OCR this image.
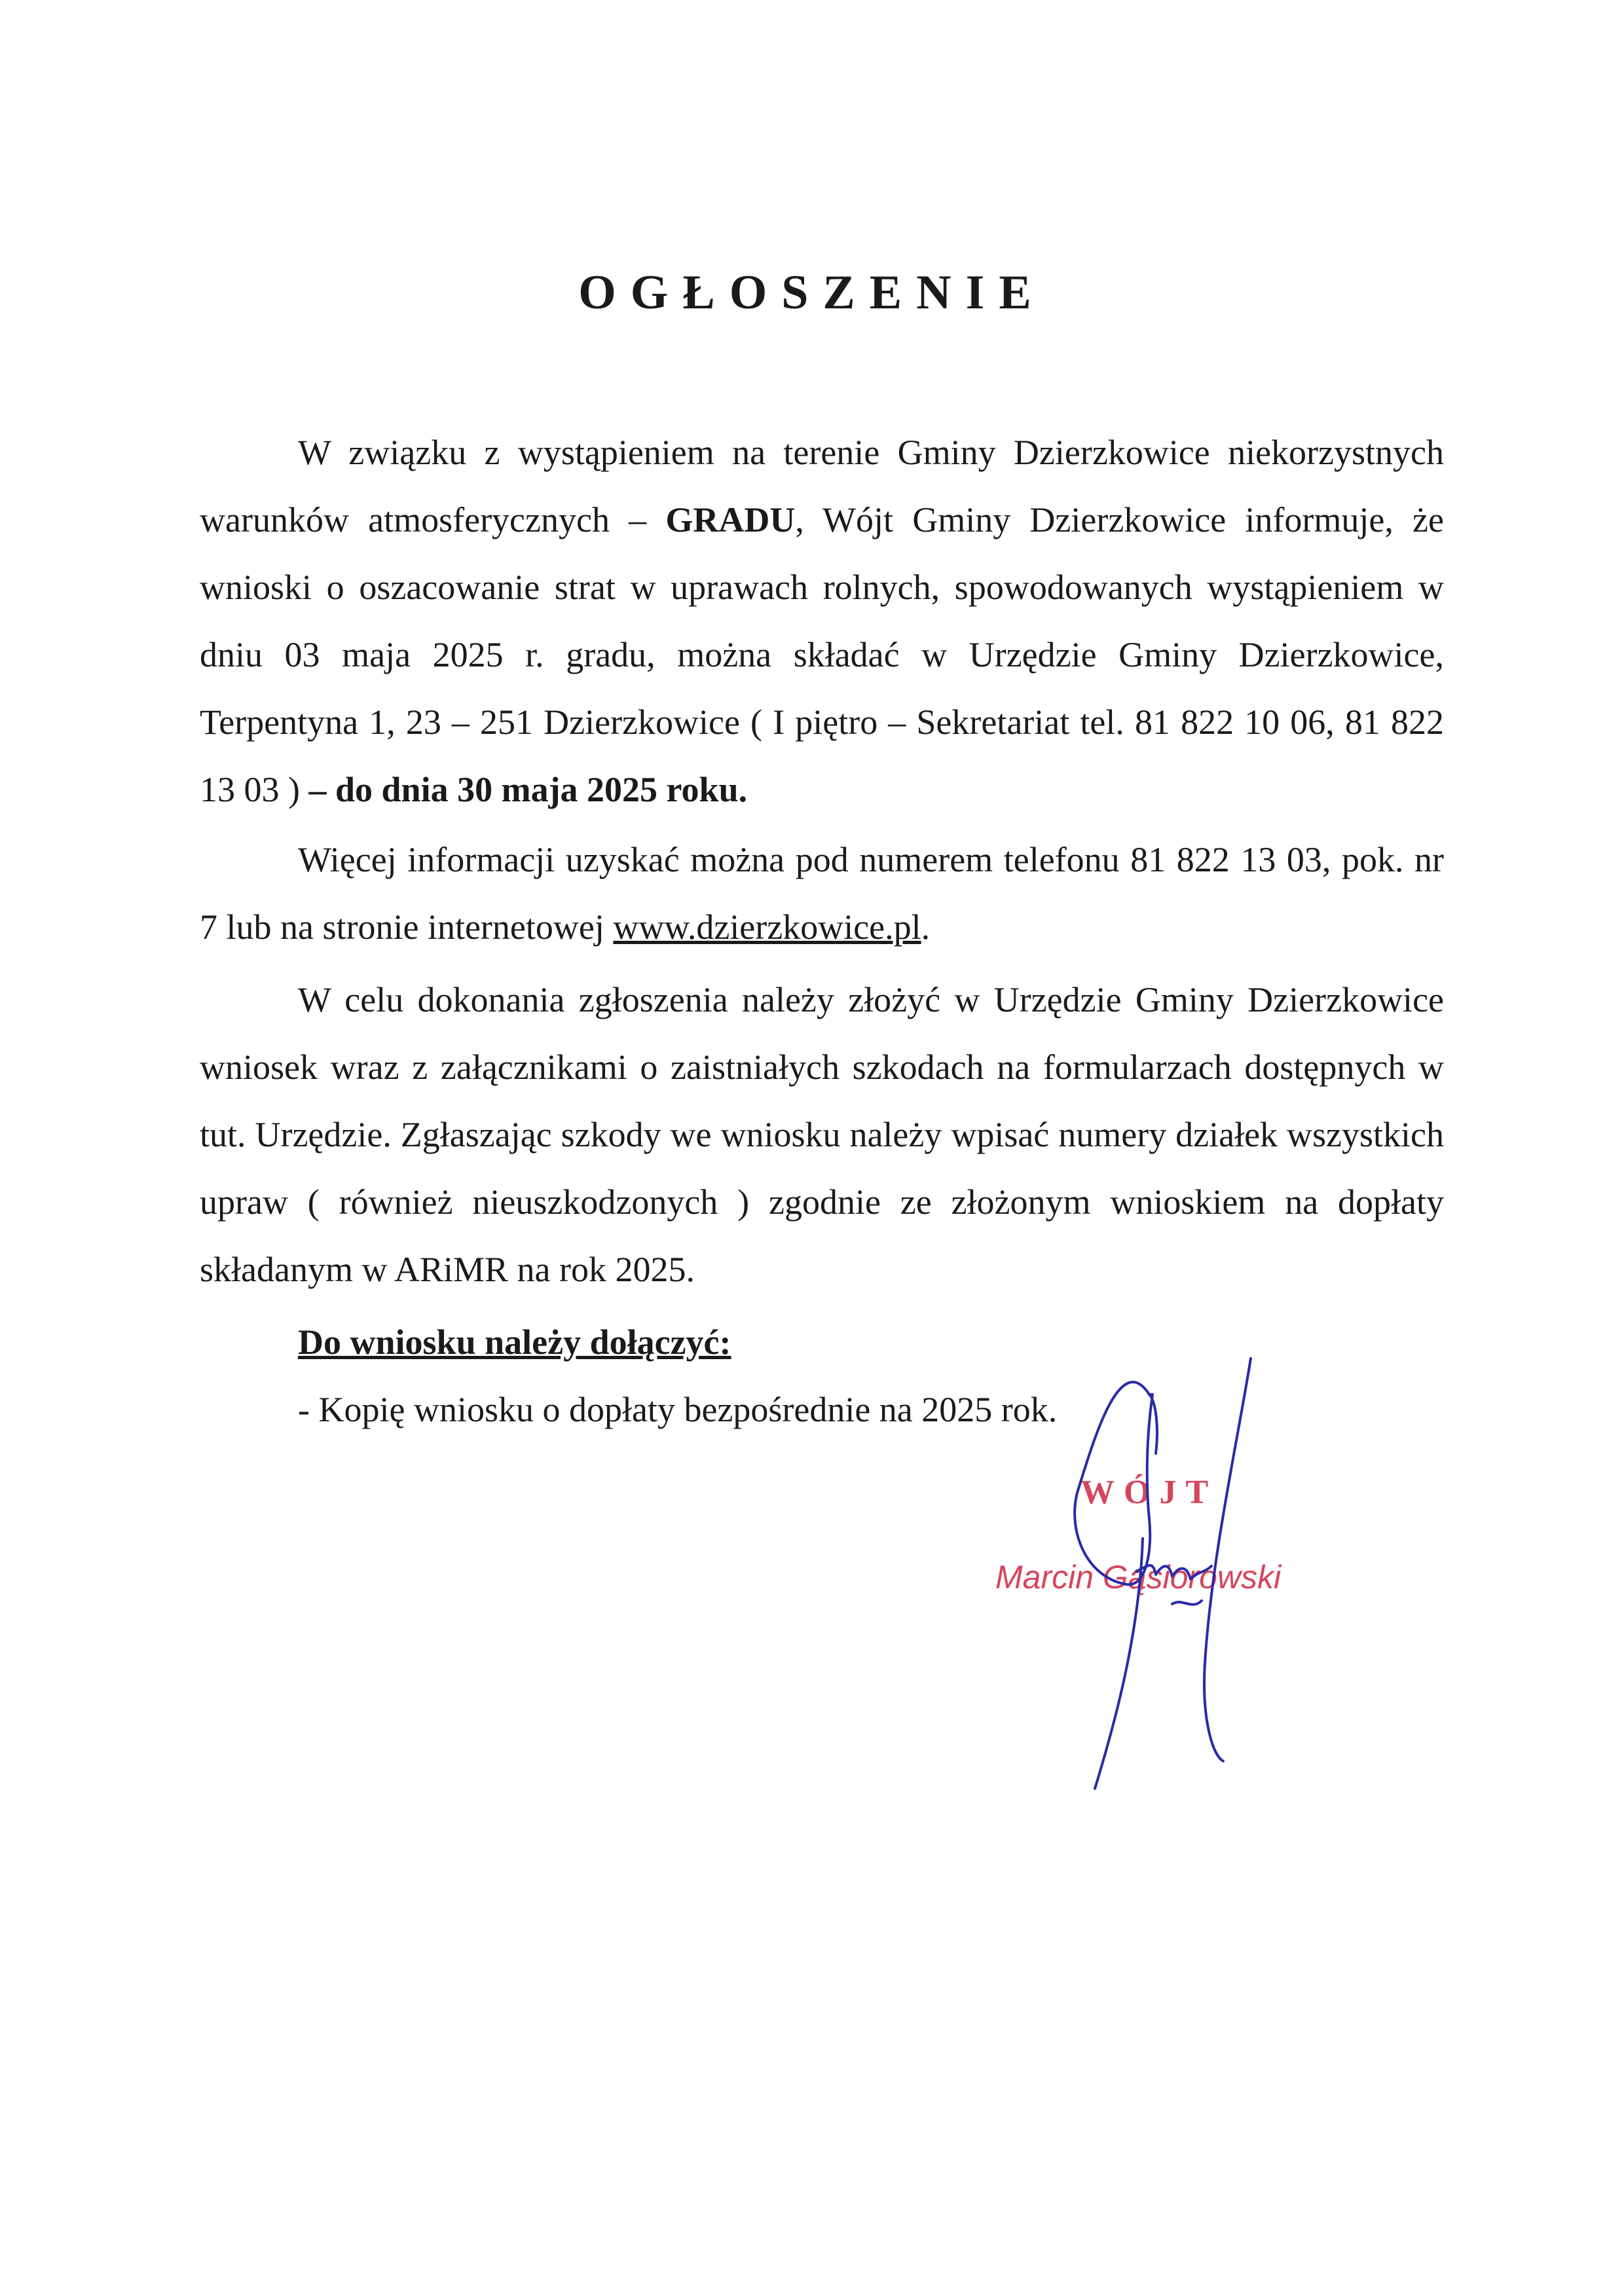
OGŁOSZENIE

W związku z wystąpieniem na terenie Gminy Dzierzkowice niekorzystnych warunków atmosferycznych – GRADU, Wójt Gminy Dzierzkowice informuje, że wnioski o oszacowanie strat w uprawach rolnych, spowodowanych wystąpieniem w dniu 03 maja 2025 r. gradu, można składać w Urzędzie Gminy Dzierzkowice, Terpentyna 1, 23 – 251 Dzierzkowice ( I piętro – Sekretariat tel. 81 822 10 06, 81 822 13 03 ) – do dnia 30 maja 2025 roku.

Więcej informacji uzyskać można pod numerem telefonu 81 822 13 03, pok. nr 7 lub na stronie internetowej www.dzierzkowice.pl.

W celu dokonania zgłoszenia należy złożyć w Urzędzie Gminy Dzierzkowice wniosek wraz z załącznikami o zaistniałych szkodach na formularzach dostępnych w tut. Urzędzie. Zgłaszając szkody we wniosku należy wpisać numery działek wszystkich upraw ( również nieuszkodzonych ) zgodnie ze złożonym wnioskiem na dopłaty składanym w ARiMR na rok 2025.

Do wniosku należy dołączyć:
- Kopię wniosku o dopłaty bezpośrednie na 2025 rok.
WÓJT
Marcin Gąsiorowski
